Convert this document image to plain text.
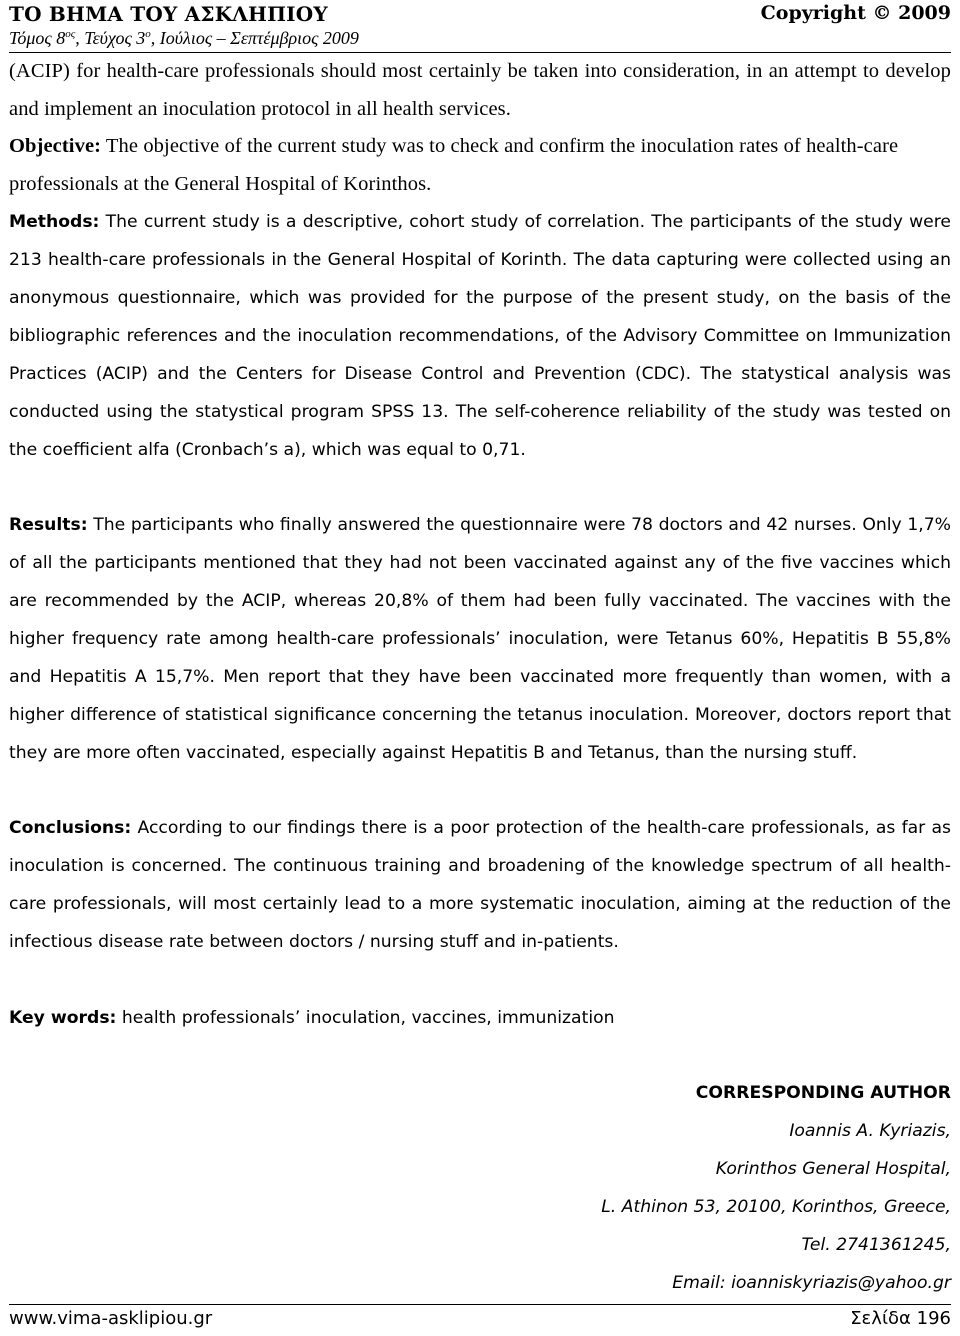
ΤΟ ΒΗΜΑ ΤΟΥ ΑΣΚΛΗΠΙΟΥ	Copyright © 2009
Τόμος $8^{o\varsigma}$, Τεύχος $3^o$, Ιούλιος – Σεπτέμβριος 2009
(ACIP) for health-care professionals should most certainly be taken into consideration, in an attempt to develop and implement an inoculation protocol in all health services.
Objective: The objective of the current study was to check and confirm the inoculation rates of health-care professionals at the General Hospital of Korinthos.
Methods: The current study is a descriptive, cohort study of correlation. The participants of the study were 213 health-care professionals in the General Hospital of Korinth. The data capturing were collected using an anonymous questionnaire, which was provided for the purpose of the present study, on the basis of the bibliographic references and the inoculation recommendations, of the Advisory Committee on Immunization Practices (ACIP) and the Centers for Disease Control and Prevention (CDC). The statystical analysis was conducted using the statystical program SPSS 13. The self-coherence reliability of the study was tested on the coefficient alfa (Cronbach’s a), which was equal to 0,71.
Results: The participants who finally answered the questionnaire were 78 doctors and 42 nurses. Only 1,7% of all the participants mentioned that they had not been vaccinated against any of the five vaccines which are recommended by the ACIP, whereas 20,8% of them had been fully vaccinated. The vaccines with the higher frequency rate among health-care professionals’ inoculation, were Tetanus 60%, Hepatitis B 55,8% and Hepatitis A 15,7%. Men report that they have been vaccinated more frequently than women, with a higher difference of statistical significance concerning the tetanus inoculation. Moreover, doctors report that they are more often vaccinated, especially against Hepatitis B and Tetanus, than the nursing stuff.
Conclusions: According to our findings there is a poor protection of the health-care professionals, as far as inoculation is concerned. The continuous training and broadening of the knowledge spectrum of all health-care professionals, will most certainly lead to a more systematic inoculation, aiming at the reduction of the infectious disease rate between doctors / nursing stuff and in-patients.
Key words: health professionals’ inoculation, vaccines, immunization
CORRESPONDING AUTHOR
Ioannis A. Kyriazis,
Korinthos General Hospital,
L. Athinon 53, 20100, Korinthos, Greece,
Tel. 2741361245,
Email: ioanniskyriazis@yahoo.gr
www.vima-asklipiou.gr	Σελίδα 196
